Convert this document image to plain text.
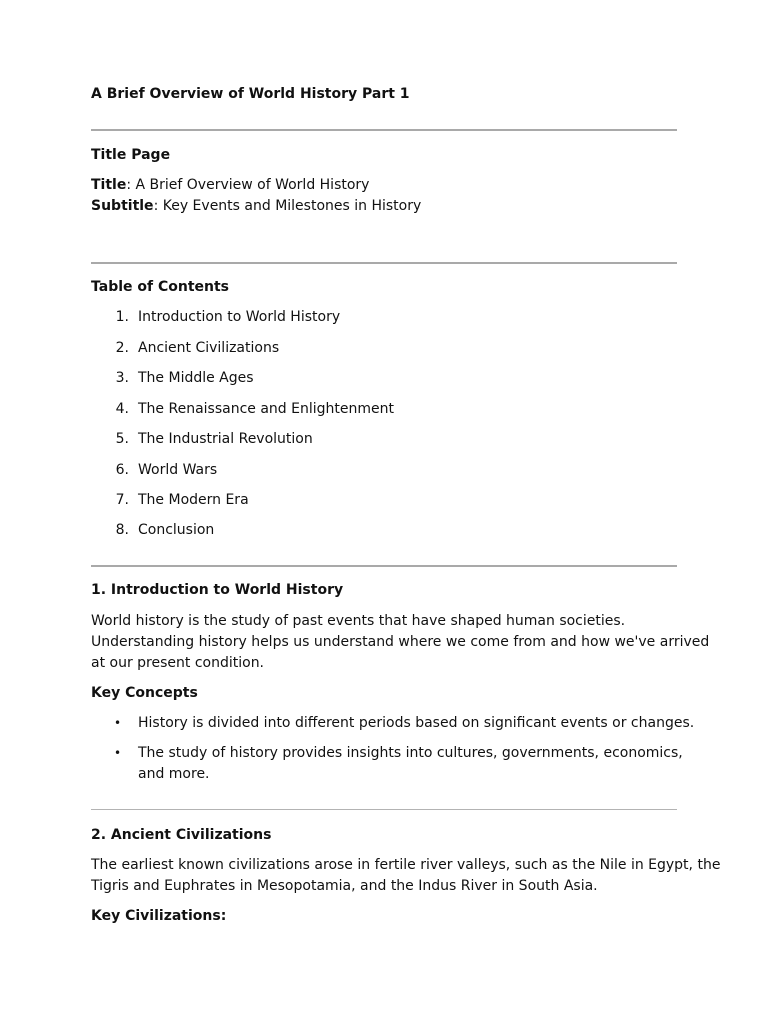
A Brief Overview of World History Part 1
Title Page
Title: A Brief Overview of World History
Subtitle: Key Events and Milestones in History
Table of Contents
1. Introduction to World History
2. Ancient Civilizations
3. The Middle Ages
4. The Renaissance and Enlightenment
5. The Industrial Revolution
6. World Wars
7. The Modern Era
8. Conclusion
1. Introduction to World History
World history is the study of past events that have shaped human societies.
Understanding history helps us understand where we come from and how we've arrived
at our present condition.
Key Concepts
• History is divided into different periods based on significant events or changes.
• The study of history provides insights into cultures, governments, economics,
and more.
2. Ancient Civilizations
The earliest known civilizations arose in fertile river valleys, such as the Nile in Egypt, the
Tigris and Euphrates in Mesopotamia, and the Indus River in South Asia.
Key Civilizations:
